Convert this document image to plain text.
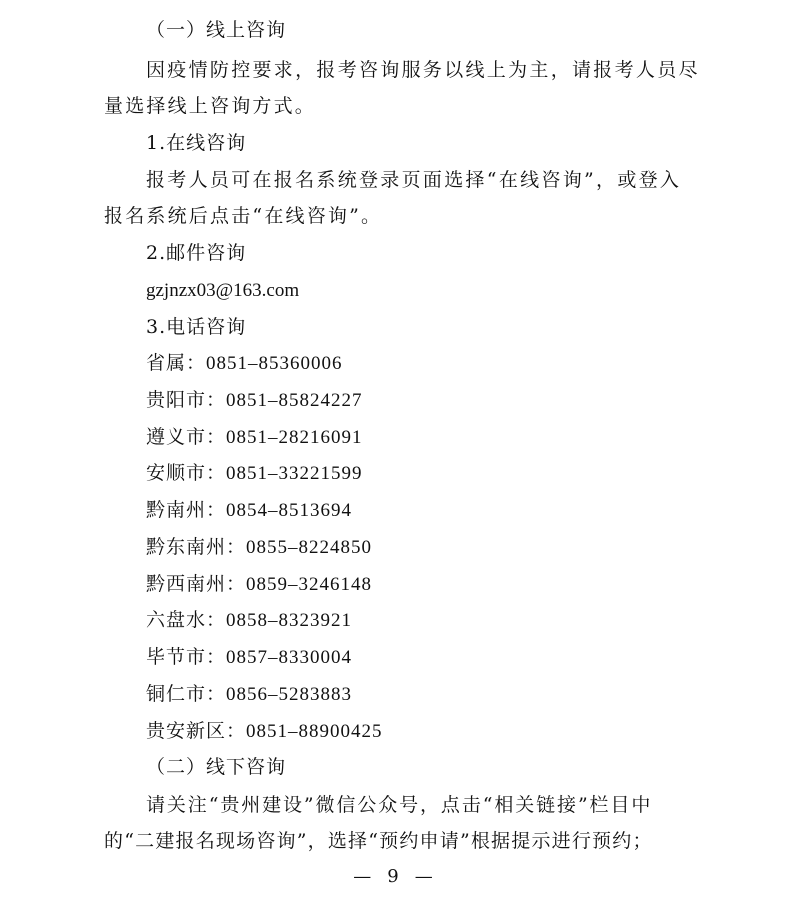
（一）线上咨询
因疫情防控要求，报考咨询服务以线上为主，请报考人员尽
量选择线上咨询方式。
1.在线咨询
报考人员可在报名系统登录页面选择“在线咨询”，或登入
报名系统后点击“在线咨询”。
2.邮件咨询
gzjnzx03@163.com
3.电话咨询
省属：0851–85360006
贵阳市：0851–85824227
遵义市：0851–28216091
安顺市：0851–33221599
黔南州：0854–8513694
黔东南州：0855–8224850
黔西南州：0859–3246148
六盘水：0858–8323921
毕节市：0857–8330004
铜仁市：0856–5283883
贵安新区：0851–88900425
（二）线下咨询
请关注“贵州建设”微信公众号，点击“相关链接”栏目中
的“二建报名现场咨询”，选择“预约申请”根据提示进行预约；
— 9 —
